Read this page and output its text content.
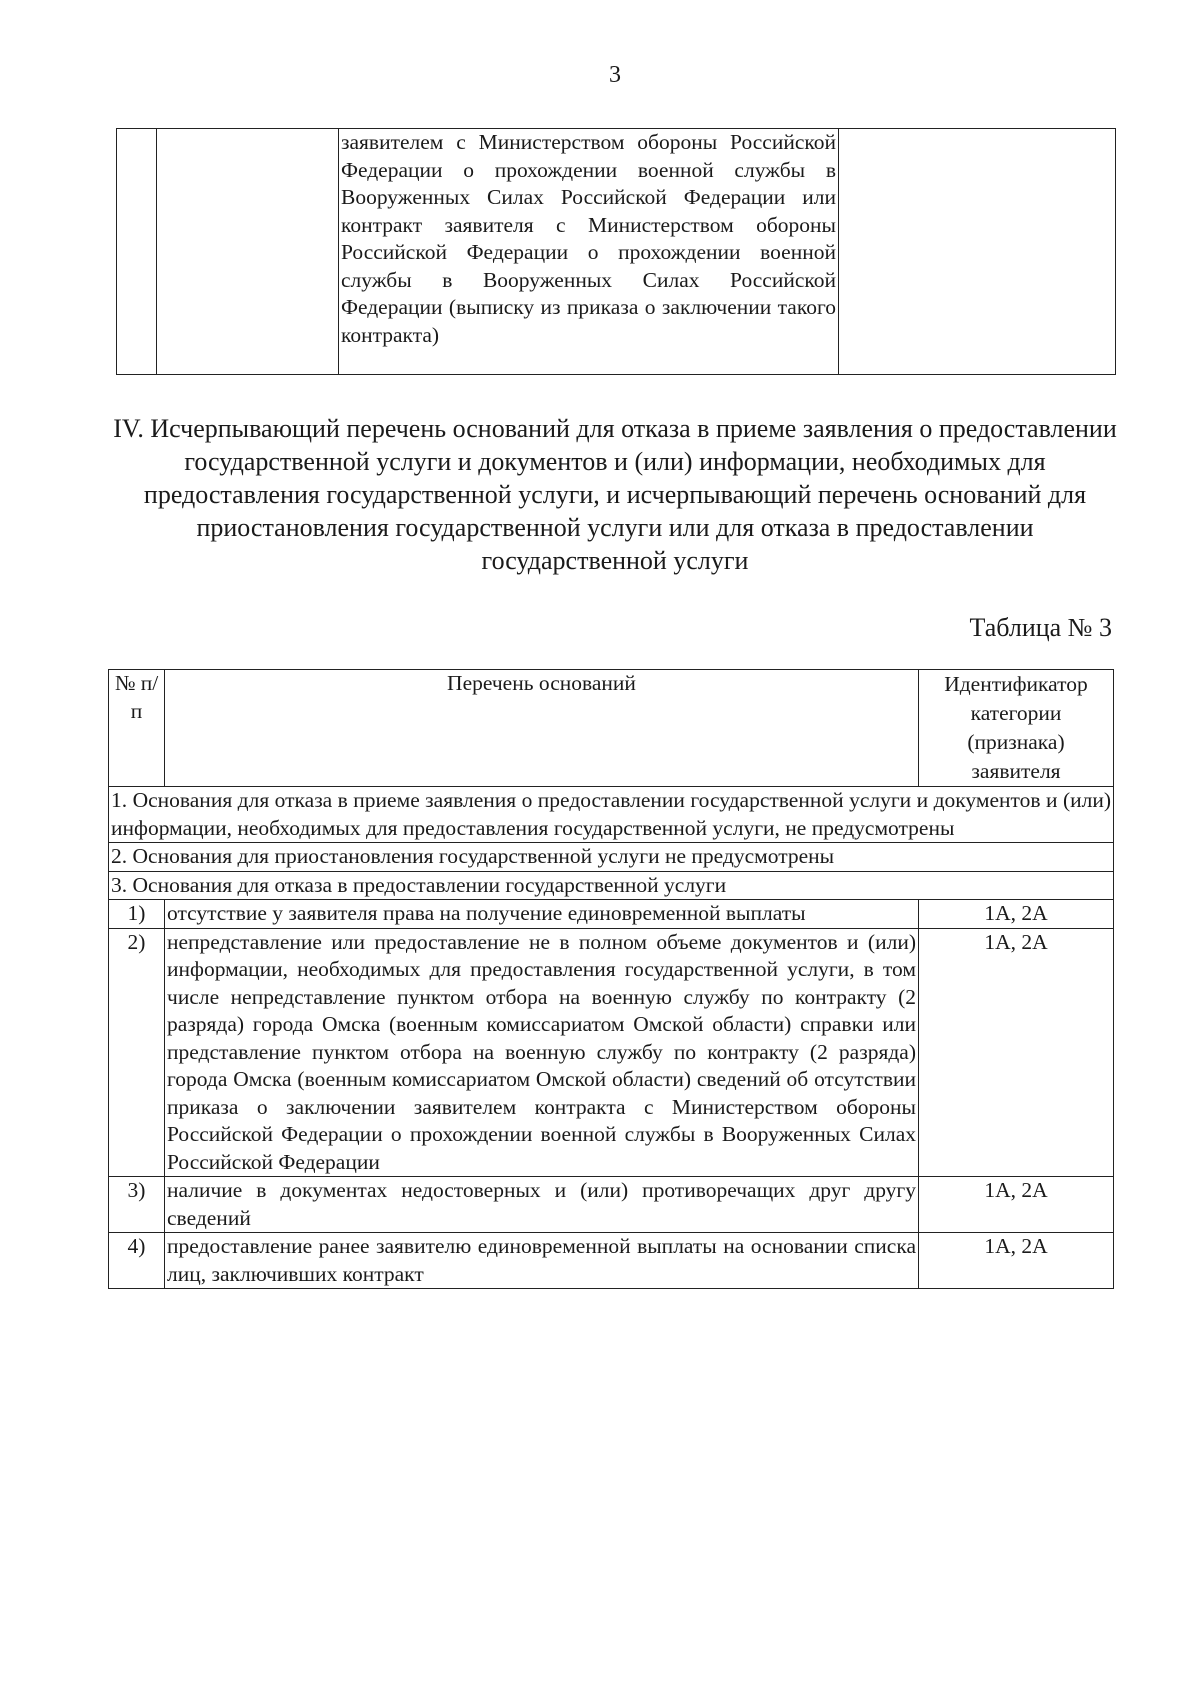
3
заявителем с Министерством обороны Российской Федерации о прохождении военной службы в Вооруженных Силах Российской Федерации или контракт заявителя с Министерством обороны Российской Федерации о прохождении военной службы в Вооруженных Силах Российской Федерации (выписку из приказа о заключении такого контракта)
IV. Исчерпывающий перечень оснований для отказа в приеме заявления о предоставлении государственной услуги и документов и (или) информации, необходимых для предоставления государственной услуги, и исчерпывающий перечень оснований для приостановления государственной услуги или для отказа в предоставлении государственной услуги
Таблица № 3
№ п/п	Перечень оснований	Идентификатор категории (признака) заявителя
1. Основания для отказа в приеме заявления о предоставлении государственной услуги и документов и (или) информации, необходимых для предоставления государственной услуги, не предусмотрены		
2. Основания для приостановления государственной услуги не предусмотрены		
3. Основания для отказа в предоставлении государственной услуги		
1)	отсутствие у заявителя права на получение единовременной выплаты	1А, 2А
2)	непредставление или предоставление не в полном объеме документов и (или) информации, необходимых для предоставления государственной услуги, в том числе непредставление пунктом отбора на военную службу по контракту (2 разряда) города Омска (военным комиссариатом Омской области) справки или представление пунктом отбора на военную службу по контракту (2 разряда) города Омска (военным комиссариатом Омской области) сведений об отсутствии приказа о заключении заявителем контракта с Министерством обороны Российской Федерации о прохождении военной службы в Вооруженных Силах Российской Федерации	1А, 2А
3)	наличие в документах недостоверных и (или) противоречащих друг другу сведений	1А, 2А
4)	предоставление ранее заявителю единовременной выплаты на основании списка лиц, заключивших контракт	1А, 2А
